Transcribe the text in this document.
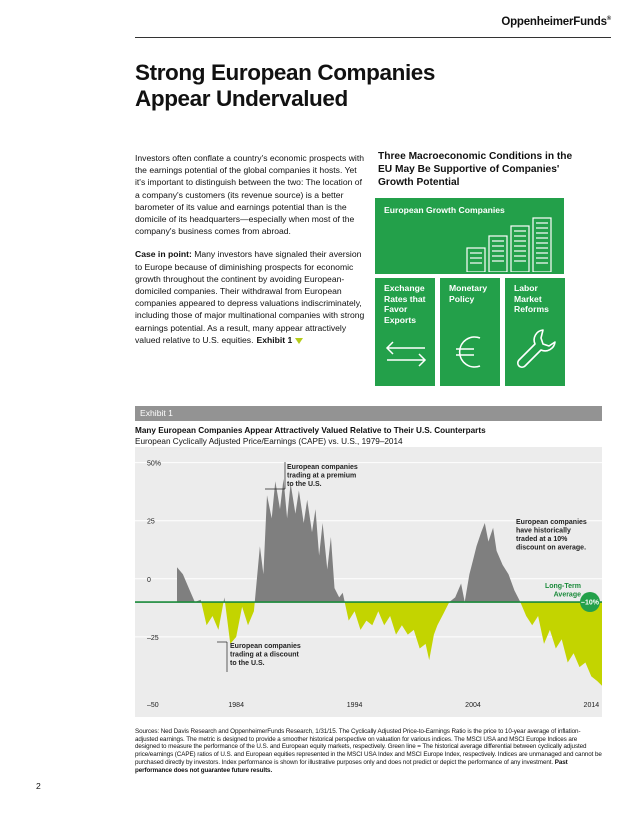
OppenheimerFunds®
Strong European Companies
Appear Undervalued

Investors often conflate a country's economic prospects with the earnings potential of the global companies it hosts. Yet it's important to distinguish between the two: The location of a company's customers (its revenue source) is a better barometer of its value and earnings potential than is the domicile of its headquarters—especially when most of the company's business comes from abroad.

Case in point: Many investors have signaled their aversion to Europe because of diminishing prospects for economic growth throughout the continent by avoiding European-domiciled companies. Their withdrawal from European companies appeared to depress valuations indiscriminately, including those of major multinational companies with strong earnings potential. As a result, many appear attractively valued relative to U.S. equities. Exhibit 1

Three Macroeconomic Conditions in the EU May Be Supportive of Companies' Growth Potential
European Growth Companies
Exchange Rates that Favor Exports
Monetary Policy
Labor Market Reforms
Exhibit 1
Many European Companies Appear Attractively Valued Relative to Their U.S. Counterparts
European Cyclically Adjusted Price/Earnings (CAPE) vs. U.S., 1979–2014
50%
25
0
–25
–50	1984	1994	2004	2014
European companies trading at a premium to the U.S.
European companies trading at a discount to the U.S.
European companies have historically traded at a 10% discount on average.
Long-Term Average
–10%
Sources: Ned Davis Research and OppenheimerFunds Research, 1/31/15. The Cyclically Adjusted Price-to-Earnings Ratio is the price to 10-year average of inflation-adjusted earnings. The metric is designed to provide a smoother historical perspective on valuation for various indices. The MSCI USA and MSCI Europe Indices are designed to measure the performance of the U.S. and European equity markets, respectively. Green line = The historical average differential between cyclically adjusted price/earnings (CAPE) ratios of U.S. and European equities represented in the MSCI USA Index and MSCI Europe Index, respectively. Indices are unmanaged and cannot be purchased directly by investors. Index performance is shown for illustrative purposes only and does not predict or depict the performance of any investment. Past performance does not guarantee future results.
2
